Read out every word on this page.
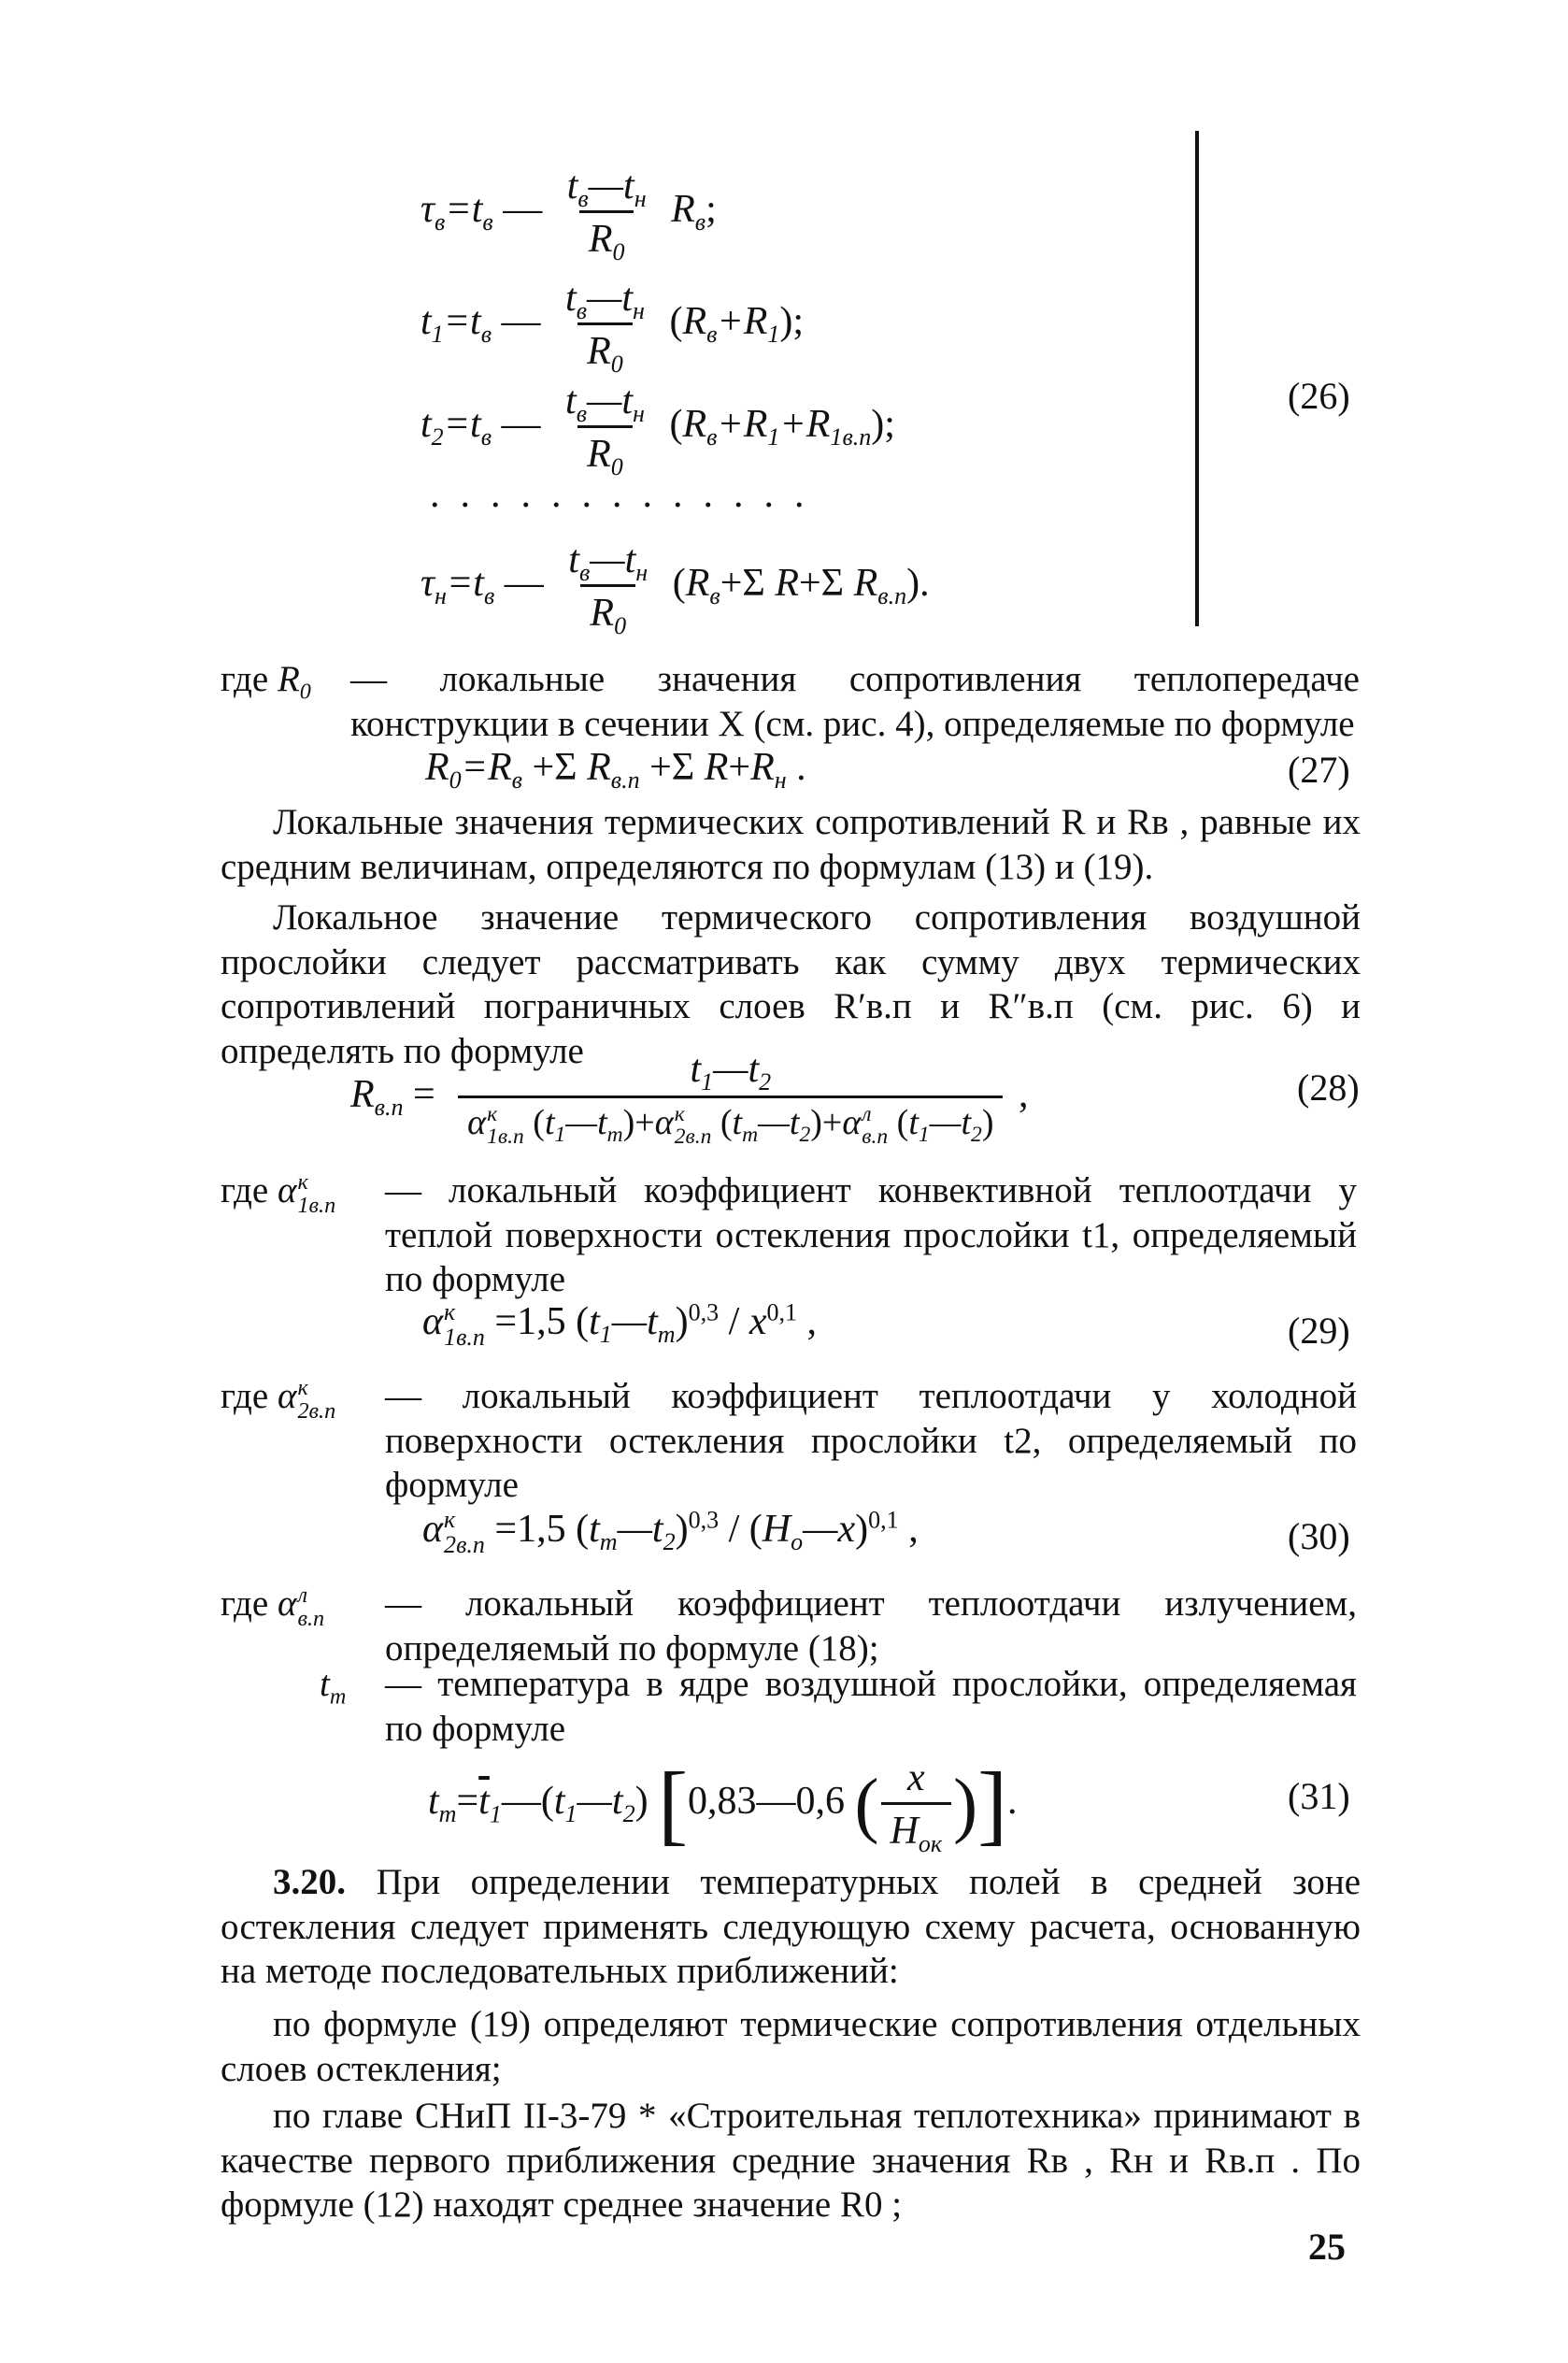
(26)
$\tau_в=t_в$ — $\frac{t_в—t_н}{R_0} R_в$;
$t_1=t_в$ — $\frac{t_в—t_н}{R_0} (R_в+R_1)$;
$t_2=t_в$ — $\frac{t_в—t_н}{R_0} (R_в+R_1+R_{1в.п})$;
.............
$\tau_н=t_в$ — $\frac{t_в—t_н}{R_0} (R_в+\Sigma$ R+Σ $R_{в.п}$).
где $R_0$ — локальные значения сопротивления теплопередаче конструкции в сечении X (см. рис. 4), определяемые по формуле
$R_0=R_в +\Sigma$ $R_{в.п} +\Sigma$ $R+R_н$ .	(27)
Локальные значения термических сопротивлений R и Rв , равные их средним величинам, определяются по формулам (13) и (19).
Локальное значение термического сопротивления воздушной прослойки следует рассматривать как сумму двух термических сопротивлений пограничных слоев R′в.п и R″в.п (см. рис. 6) и определять по формуле
$R_{в.п}$ =
$t_1—t_2$
α к
1в.п $(t_1—t_m)+\alpha$ к
2в.п $(t_m—t_2)+\alpha$ л
в.п $(t_1—t_2)$
,	(28)
где α к
1в.п — локальный коэффициент конвективной теплоотдачи у теплой поверхности остекления прослойки t1, определяемый по формуле
α к
1в.п =1,5 $(t_1—t_m)^{0,3} / x^{0,1}$ ,	(29)
где α к
2в.п — локальный коэффициент теплоотдачи у холодной поверхности остекления прослойки t2, определяемый по формуле
α к
2в.п =1,5 $(t_m—t_2)^{0,3}$ / $(H_o—x)^{0,1}$ ,	(30)
где α л
в.п — локальный коэффициент теплоотдачи излучением, определяемый по формуле (18);
$t_m$ — температура в ядре воздушной прослойки, определяемая по формуле
$t_m=\overline{t}_1—(t_1—t_2)$ [0,83—0,6 ( $\frac{x}{H_{ок}}$ )].	(31)
3.20. При определении температурных полей в средней зоне остекления следует применять следующую схему расчета, основанную на методе последовательных приближений:
по формуле (19) определяют термические сопротивления отдельных слоев остекления;
по главе СНиП II-3-79 * «Строительная теплотехника» принимают в качестве первого приближения средние значения Rв , Rн и Rв.п . По формуле (12) находят среднее значение R0 ;
25
